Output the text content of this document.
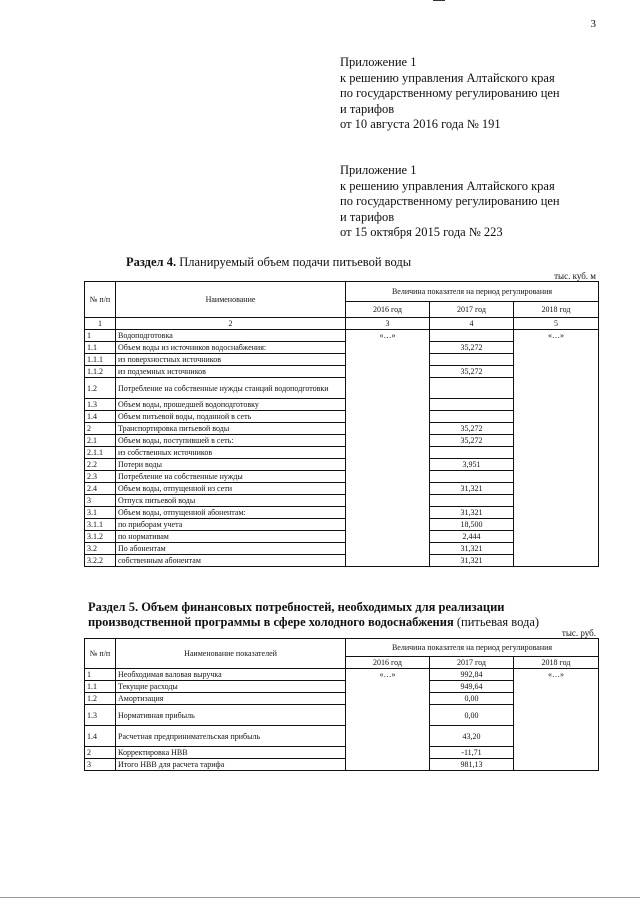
3
Приложение 1
к решению управления Алтайского края
по государственному регулированию цен
и тарифов
от 10 августа 2016 года № 191
Приложение 1
к решению управления Алтайского края
по государственному регулированию цен
и тарифов
от 15 октября 2015 года № 223
Раздел 4. Планируемый объем подачи питьевой воды
тыс. куб. м
№ п/п	Наименование	Величина показателя на период регулирования		
		2016 год	2017 год	2018 год
1	2	3	4	5
1	Водоподготовка	«…»		«…»
1.1	Объем воды из источников водоснабжения:		35,272	
1.1.1	из поверхностных источников			
1.1.2	из подземных источников		35,272	
1.2	Потребление на собственные нужды станций водоподготовки			
1.3	Объем воды, прошедшей водоподготовку			
1.4	Объем питьевой воды, поданной в сеть			
2	Транспортировка питьевой воды		35,272	
2.1	Объем воды, поступившей в сеть:		35,272	
2.1.1	из собственных источников			
2.2	Потери воды		3,951	
2.3	Потребление на собственные нужды			
2.4	Объем воды, отпущенной из сети		31,321	
3	Отпуск питьевой воды			
3.1	Объем воды, отпущенной абонентам:		31,321	
3.1.1	по приборам учета		18,500	
3.1.2	по нормативам		2,444	
3.2	По абонентам		31,321	
3.2.2	собственным абонентам		31,321	
Раздел 5. Объем финансовых потребностей, необходимых для реализации производственной программы в сфере холодного водоснабжения (питьевая вода)
тыс. руб.
№ п/п	Наименование показателей	Величина показателя на период регулирования		
		2016 год	2017 год	2018 год
1	Необходимая валовая выручка	«…»	992,84	«…»
1.1	Текущие расходы		949,64	
1.2	Амортизация		0,00	
1.3	Нормативная прибыль		0,00	
1.4	Расчетная предпринимательская прибыль		43,20	
2	Корректировка НВВ		-11,71	
3	Итого НВВ для расчета тарифа		981,13	
